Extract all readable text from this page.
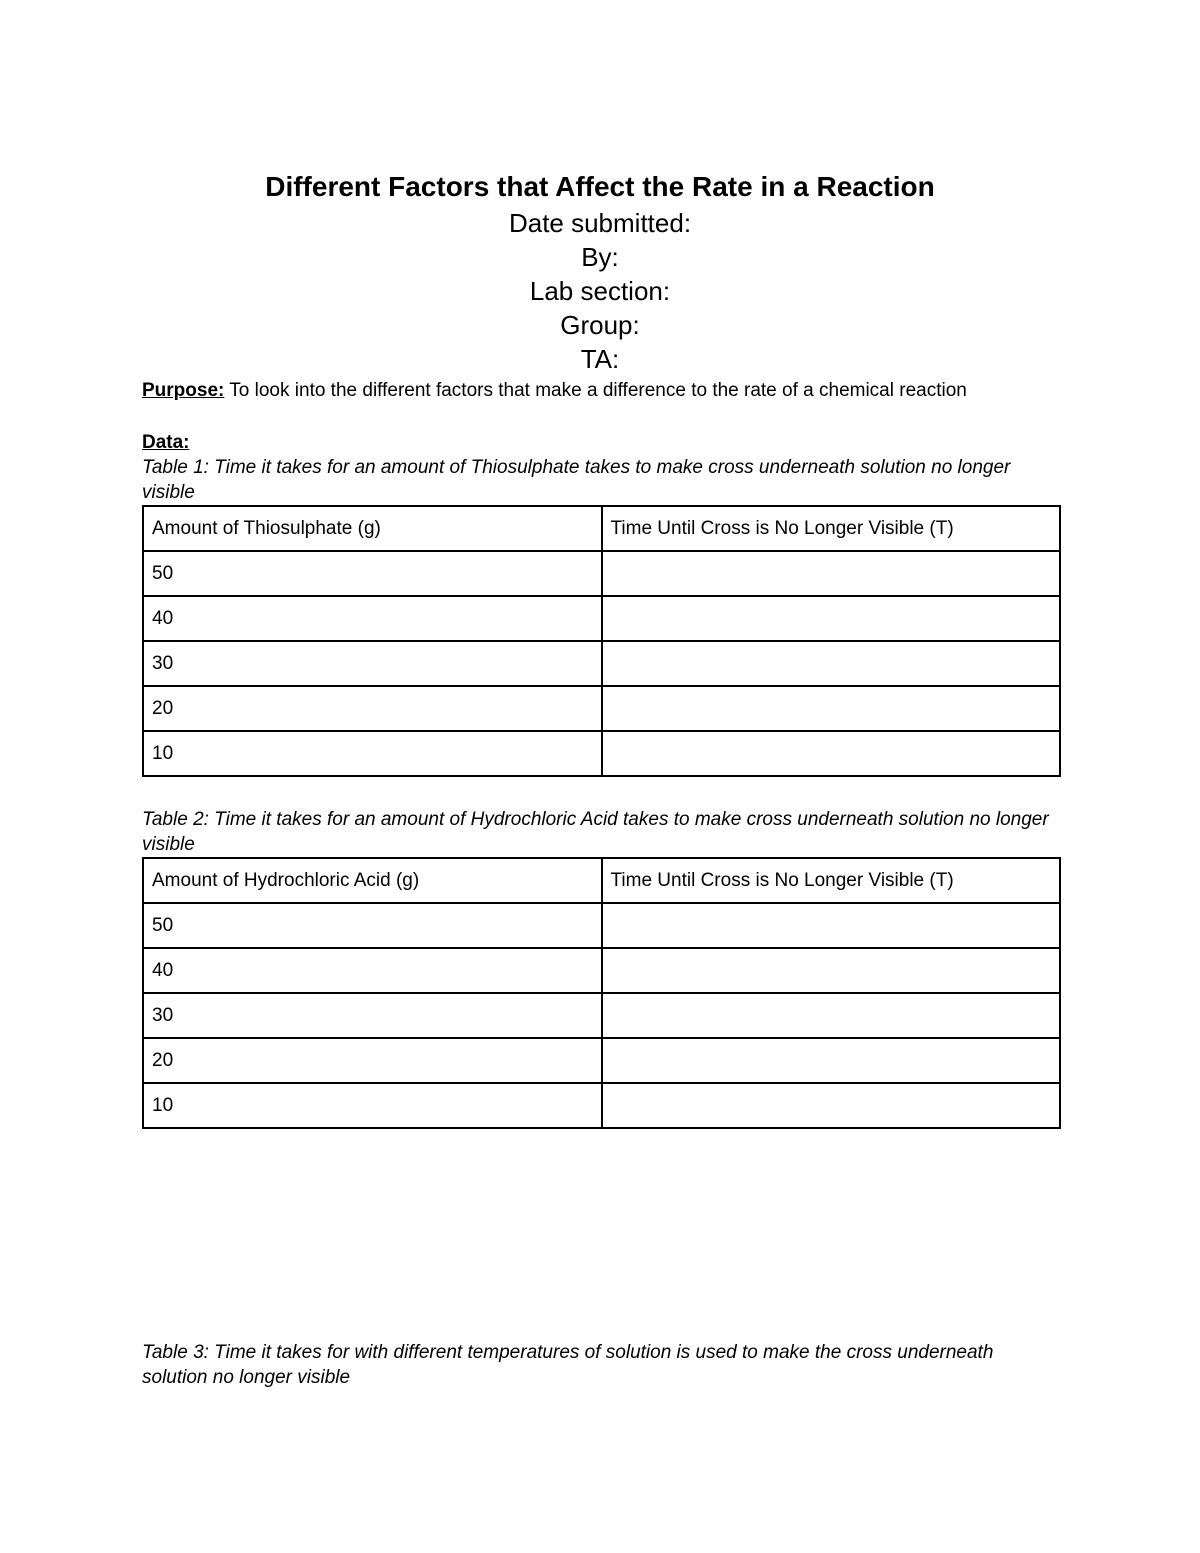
Different Factors that Affect the Rate in a Reaction

Date submitted:

By:

Lab section:

Group:

TA:

Purpose: To look into the different factors that make a difference to the rate of a chemical reaction

Data:

Table 1: Time it takes for an amount of Thiosulphate takes to make cross underneath solution no longer visible

Amount of Thiosulphate (g)	Time Until Cross is No Longer Visible (T)
50	
40	
30	
20	
10	

Table 2: Time it takes for an amount of Hydrochloric Acid takes to make cross underneath solution no longer visible

Amount of Hydrochloric Acid (g)	Time Until Cross is No Longer Visible (T)
50	
40	
30	
20	
10	

Table 3: Time it takes for with different temperatures of solution is used to make the cross underneath solution no longer visible
